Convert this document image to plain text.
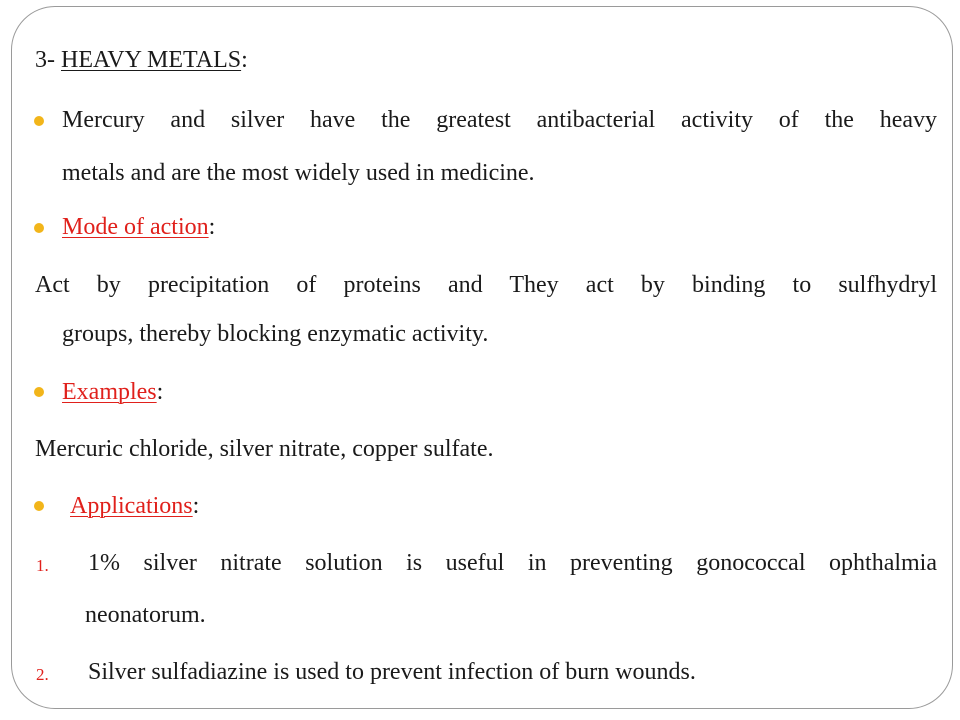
3- HEAVY METALS:
Mercury and silver have the greatest antibacterial activity of the heavy
metals and are the most widely used in medicine.
Mode of action:
Act by precipitation of proteins and They act by binding to sulfhydryl
groups, thereby blocking enzymatic activity.
Examples:
Mercuric chloride, silver nitrate, copper sulfate.
Applications:
1. 1% silver nitrate solution is useful in preventing gonococcal ophthalmia
neonatorum.
2. Silver sulfadiazine is used to prevent infection of burn wounds.
